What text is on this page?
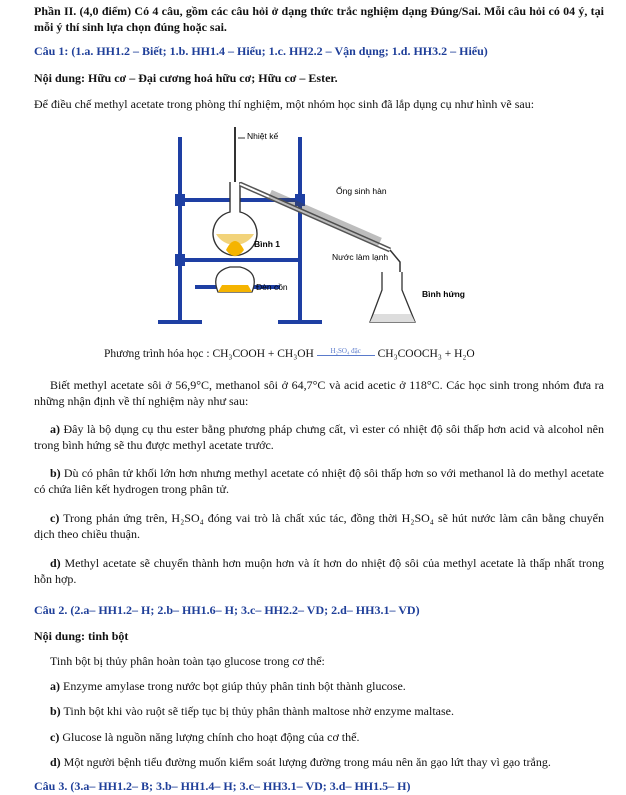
Phần II. (4,0 điểm) Có 4 câu, gồm các câu hỏi ở dạng thức trắc nghiệm dạng Đúng/Sai. Mỗi câu hỏi có 04 ý, tại mỗi ý thí sinh lựa chọn đúng hoặc sai.
Câu 1: (1.a. HH1.2 – Biết; 1.b. HH1.4 – Hiểu; 1.c. HH2.2 – Vận dụng; 1.d. HH3.2 – Hiểu)
Nội dung: Hữu cơ – Đại cương hoá hữu cơ; Hữu cơ – Ester.
Để điều chế methyl acetate trong phòng thí nghiệm, một nhóm học sinh đã lắp dụng cụ như hình vẽ sau:
Nhiệt kế
Ống sinh hàn
Bình 1
Nước làm lạnh
Đèn cồn
Bình hứng
Phương trình hóa học : CH₃COOH + CH₃OH H₂SO₄ đặc CH₃COOCH₃ + H₂O
Biết methyl acetate sôi ở 56,9°C, methanol sôi ở 64,7°C và acid acetic ở 118°C. Các học sinh trong nhóm đưa ra những nhận định về thí nghiệm này như sau:
a) Đây là bộ dụng cụ thu ester bằng phương pháp chưng cất, vì ester có nhiệt độ sôi thấp hơn acid và alcohol nên trong bình hứng sẽ thu được methyl acetate trước.
b) Dù có phân tử khối lớn hơn nhưng methyl acetate có nhiệt độ sôi thấp hơn so với methanol là do methyl acetate có chứa liên kết hydrogen trong phân tử.
c) Trong phản ứng trên, H₂SO₄ đóng vai trò là chất xúc tác, đồng thời H₂SO₄ sẽ hút nước làm cân bằng chuyển dịch theo chiều thuận.
d) Methyl acetate sẽ chuyển thành hơn muộn hơn và ít hơn do nhiệt độ sôi của methyl acetate là thấp nhất trong hỗn hợp.
Câu 2. (2.a– HH1.2– H; 2.b– HH1.6– H; 3.c– HH2.2– VD; 2.d– HH3.1– VD)
Nội dung: tinh bột
Tinh bột bị thủy phân hoàn toàn tạo glucose trong cơ thể:
a) Enzyme amylase trong nước bọt giúp thủy phân tinh bột thành glucose.
b) Tinh bột khi vào ruột sẽ tiếp tục bị thủy phân thành maltose nhờ enzyme maltase.
c) Glucose là nguồn năng lượng chính cho hoạt động của cơ thể.
d) Một người bệnh tiểu đường muốn kiểm soát lượng đường trong máu nên ăn gạo lứt thay vì gạo trắng.
Câu 3. (3.a– HH1.2– B; 3.b– HH1.4– H; 3.c– HH3.1– VD; 3.d– HH1.5– H)
